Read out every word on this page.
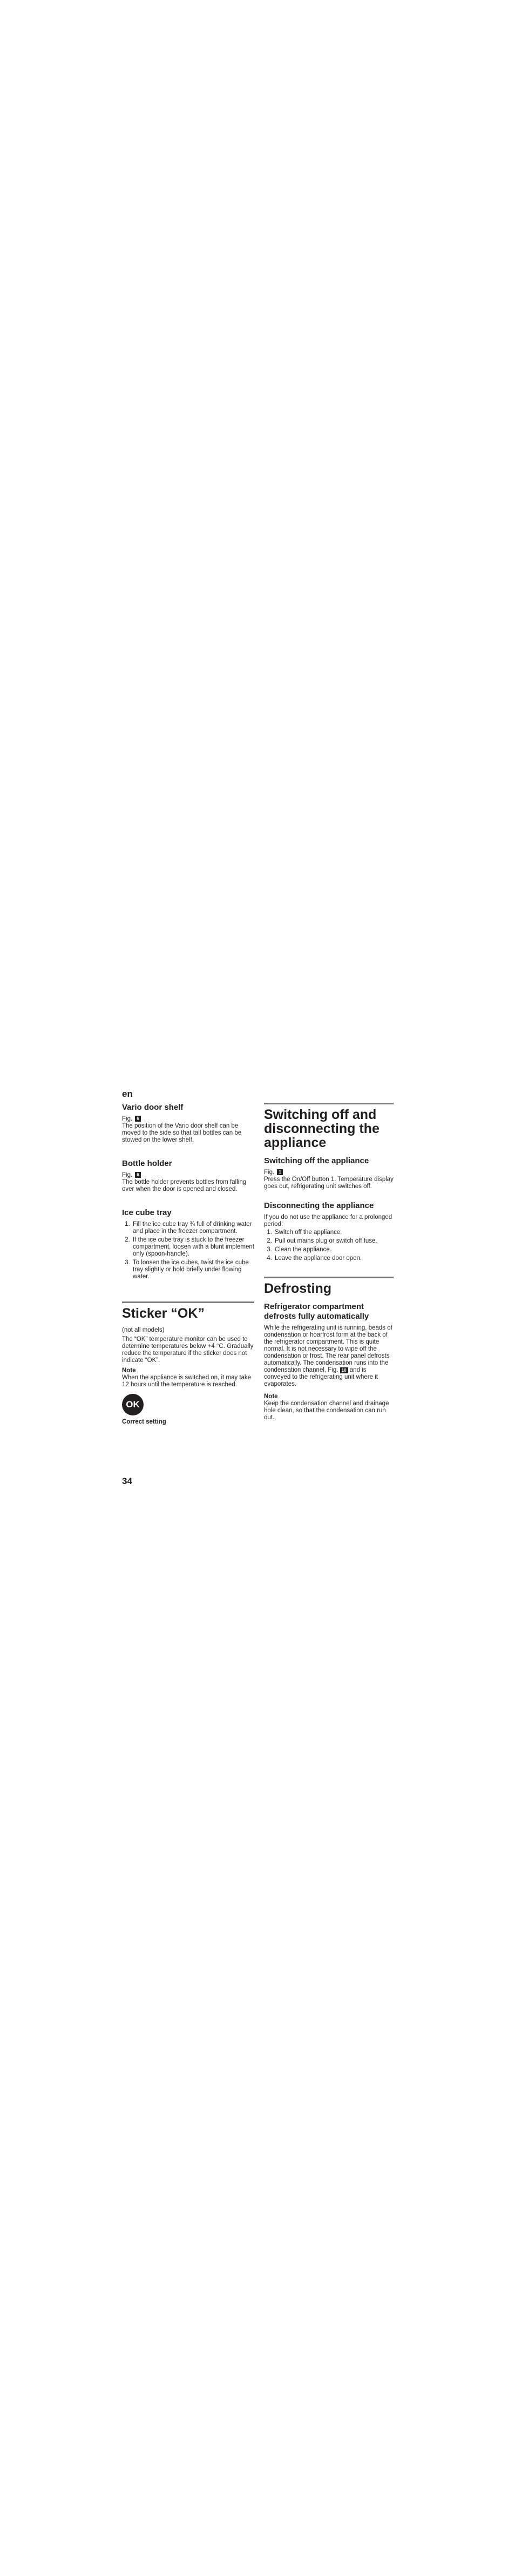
en
Vario door shelf

Fig. 6

The position of the Vario door shelf can be moved to the side so that tall bottles can be stowed on the lower shelf.

Bottle holder

Fig. 6

The bottle holder prevents bottles from falling over when the door is opened and closed.

Ice cube tray
1. Fill the ice cube tray ¾ full of drinking water and place in the freezer compartment.
2. If the ice cube tray is stuck to the freezer compartment, loosen with a blunt implement only (spoon-handle).
3. To loosen the ice cubes, twist the ice cube tray slightly or hold briefly under flowing water.
Sticker “OK”

(not all models)

The “OK” temperature monitor can be used to determine temperatures below +4 °C. Gradually reduce the temperature if the sticker does not indicate “OK”.

Note

When the appliance is switched on, it may take 12 hours until the temperature is reached.

OK

Correct setting

Switching off and disconnecting the appliance
Switching off the appliance

Fig. 1

Press the On/Off button 1. Temperature display goes out, refrigerating unit switches off.

Disconnecting the appliance

If you do not use the appliance for a prolonged period:

1. Switch off the appliance.
2. Pull out mains plug or switch off fuse.
3. Clean the appliance.
4. Leave the appliance door open.
Defrosting
Refrigerator compartment defrosts fully automatically

While the refrigerating unit is running, beads of condensation or hoarfrost form at the back of the refrigerator compartment. This is quite normal. It is not necessary to wipe off the condensation or frost. The rear panel defrosts automatically. The condensation runs into the condensation channel, Fig. 10 and is conveyed to the refrigerating unit where it evaporates.

Note

Keep the condensation channel and drainage hole clean, so that the condensation can run out.

34
